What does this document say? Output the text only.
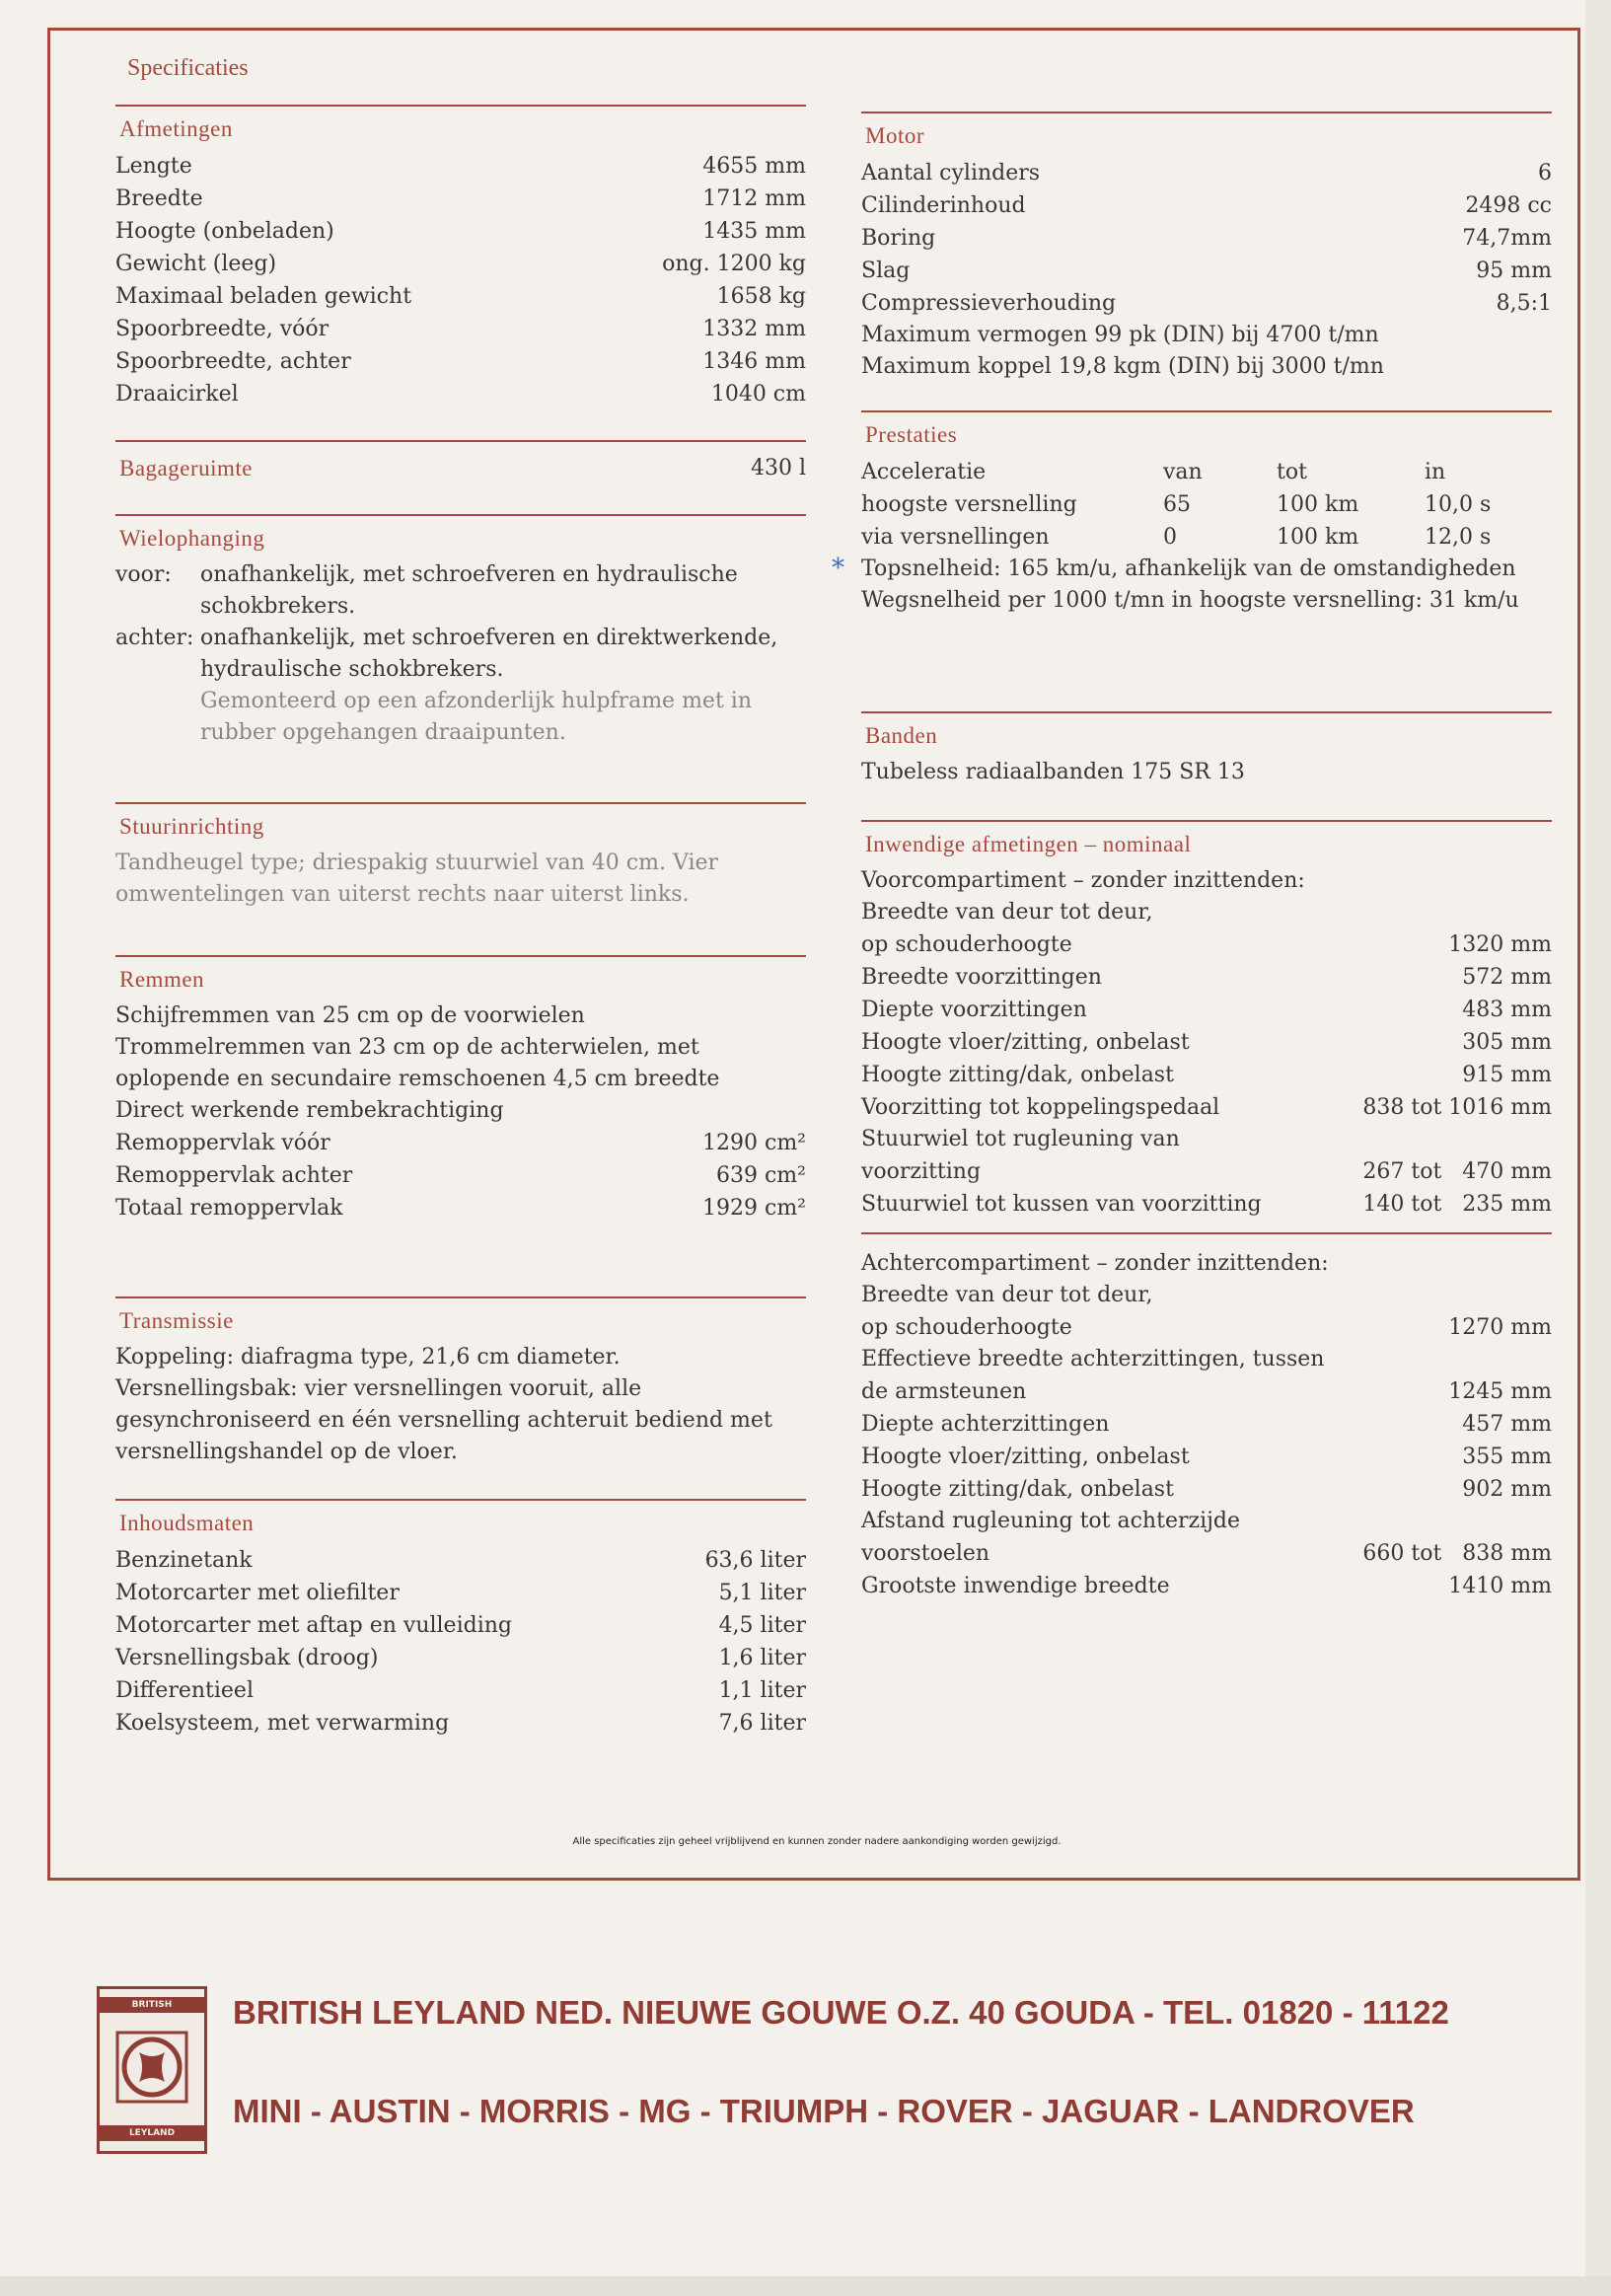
Specificaties
Afmetingen
Lengte	4655 mm
Breedte	1712 mm
Hoogte (onbeladen)	1435 mm
Gewicht (leeg)	ong. 1200 kg
Maximaal beladen gewicht	1658 kg
Spoorbreedte, vóór	1332 mm
Spoorbreedte, achter	1346 mm
Draaicirkel	1040 cm
Bagageruimte	430 l
Wielophanging
voor:	onafhankelijk, met schroefveren en hydraulische schokbrekers.
achter: onafhankelijk, met schroefveren en direktwerkende, hydraulische schokbrekers.
Gemonteerd op een afzonderlijk hulpframe met in rubber opgehangen draaipunten.
Stuurinrichting
Tandheugel type; driespakig stuurwiel van 40 cm. Vier omwentelingen van uiterst rechts naar uiterst links.
Remmen
Schijfremmen van 25 cm op de voorwielen
Trommelremmen van 23 cm op de achterwielen, met oplopende en secundaire remschoenen 4,5 cm breedte
Direct werkende rembekrachtiging
Remoppervlak vóór	1290 cm²
Remoppervlak achter	639 cm²
Totaal remoppervlak	1929 cm²
Transmissie
Koppeling: diafragma type, 21,6 cm diameter.
Versnellingsbak: vier versnellingen vooruit, alle gesynchroniseerd en één versnelling achteruit bediend met versnellingshandel op de vloer.
Inhoudsmaten
Benzinetank	63,6 liter
Motorcarter met oliefilter	5,1 liter
Motorcarter met aftap en vulleiding	4,5 liter
Versnellingsbak (droog)	1,6 liter
Differentieel	1,1 liter
Koelsysteem, met verwarming	7,6 liter
Motor
Aantal cylinders	6
Cilinderinhoud	2498 cc
Boring	74,7mm
Slag	95 mm
Compressieverhouding	8,5:1
Maximum vermogen 99 pk (DIN) bij 4700 t/mn
Maximum koppel 19,8 kgm (DIN) bij 3000 t/mn
Prestaties
Acceleratie	van	tot	in
hoogste versnelling	65	100 km	10,0 s
via versnellingen	0	100 km	12,0 s
* Topsnelheid: 165 km/u, afhankelijk van de omstandigheden
Wegsnelheid per 1000 t/mn in hoogste versnelling: 31 km/u
Banden
Tubeless radiaalbanden 175 SR 13
Inwendige afmetingen – nominaal
Voorcompartiment – zonder inzittenden:
Breedte van deur tot deur,
op schouderhoogte	1320 mm
Breedte voorzittingen	572 mm
Diepte voorzittingen	483 mm
Hoogte vloer/zitting, onbelast	305 mm
Hoogte zitting/dak, onbelast	915 mm
Voorzitting tot koppelingspedaal	838 tot 1016 mm
Stuurwiel tot rugleuning van
voorzitting	267 tot   470 mm
Stuurwiel tot kussen van voorzitting	140 tot   235 mm
Achtercompartiment – zonder inzittenden:
Breedte van deur tot deur,
op schouderhoogte	1270 mm
Effectieve breedte achterzittingen, tussen
de armsteunen	1245 mm
Diepte achterzittingen	457 mm
Hoogte vloer/zitting, onbelast	355 mm
Hoogte zitting/dak, onbelast	902 mm
Afstand rugleuning tot achterzijde
voorstoelen	660 tot   838 mm
Grootste inwendige breedte	1410 mm
Alle specificaties zijn geheel vrijblijvend en kunnen zonder nadere aankondiging worden gewijzigd.
BRITISH
LEYLAND
BRITISH LEYLAND NED. NIEUWE GOUWE O.Z. 40 GOUDA - TEL. 01820 - 11122
MINI - AUSTIN - MORRIS - MG - TRIUMPH - ROVER - JAGUAR - LANDROVER
